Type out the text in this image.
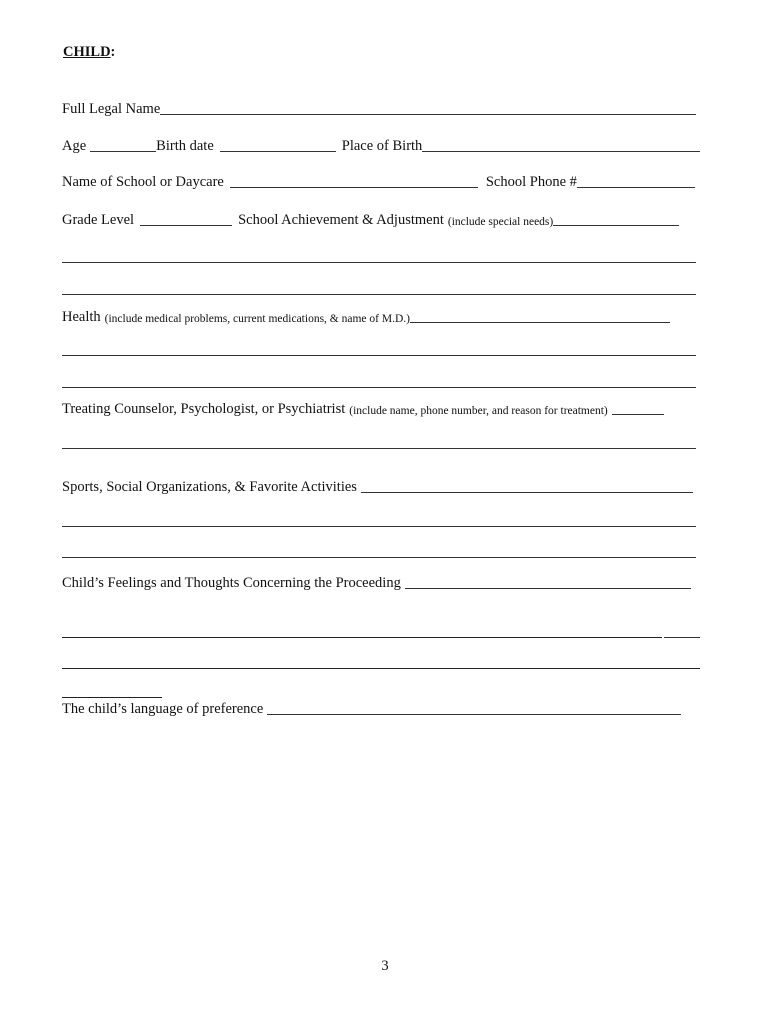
CHILD:
Full Legal Name
Age	Birth date	Place of Birth
Name of School or Daycare	School Phone #
Grade Level	School Achievement & Adjustment (include special needs)
Health (include medical problems, current medications, & name of M.D.)
Treating Counselor, Psychologist, or Psychiatrist (include name, phone number, and reason for treatment)
Sports, Social Organizations, & Favorite Activities
Child’s Feelings and Thoughts Concerning the Proceeding
The child’s language of preference
3
